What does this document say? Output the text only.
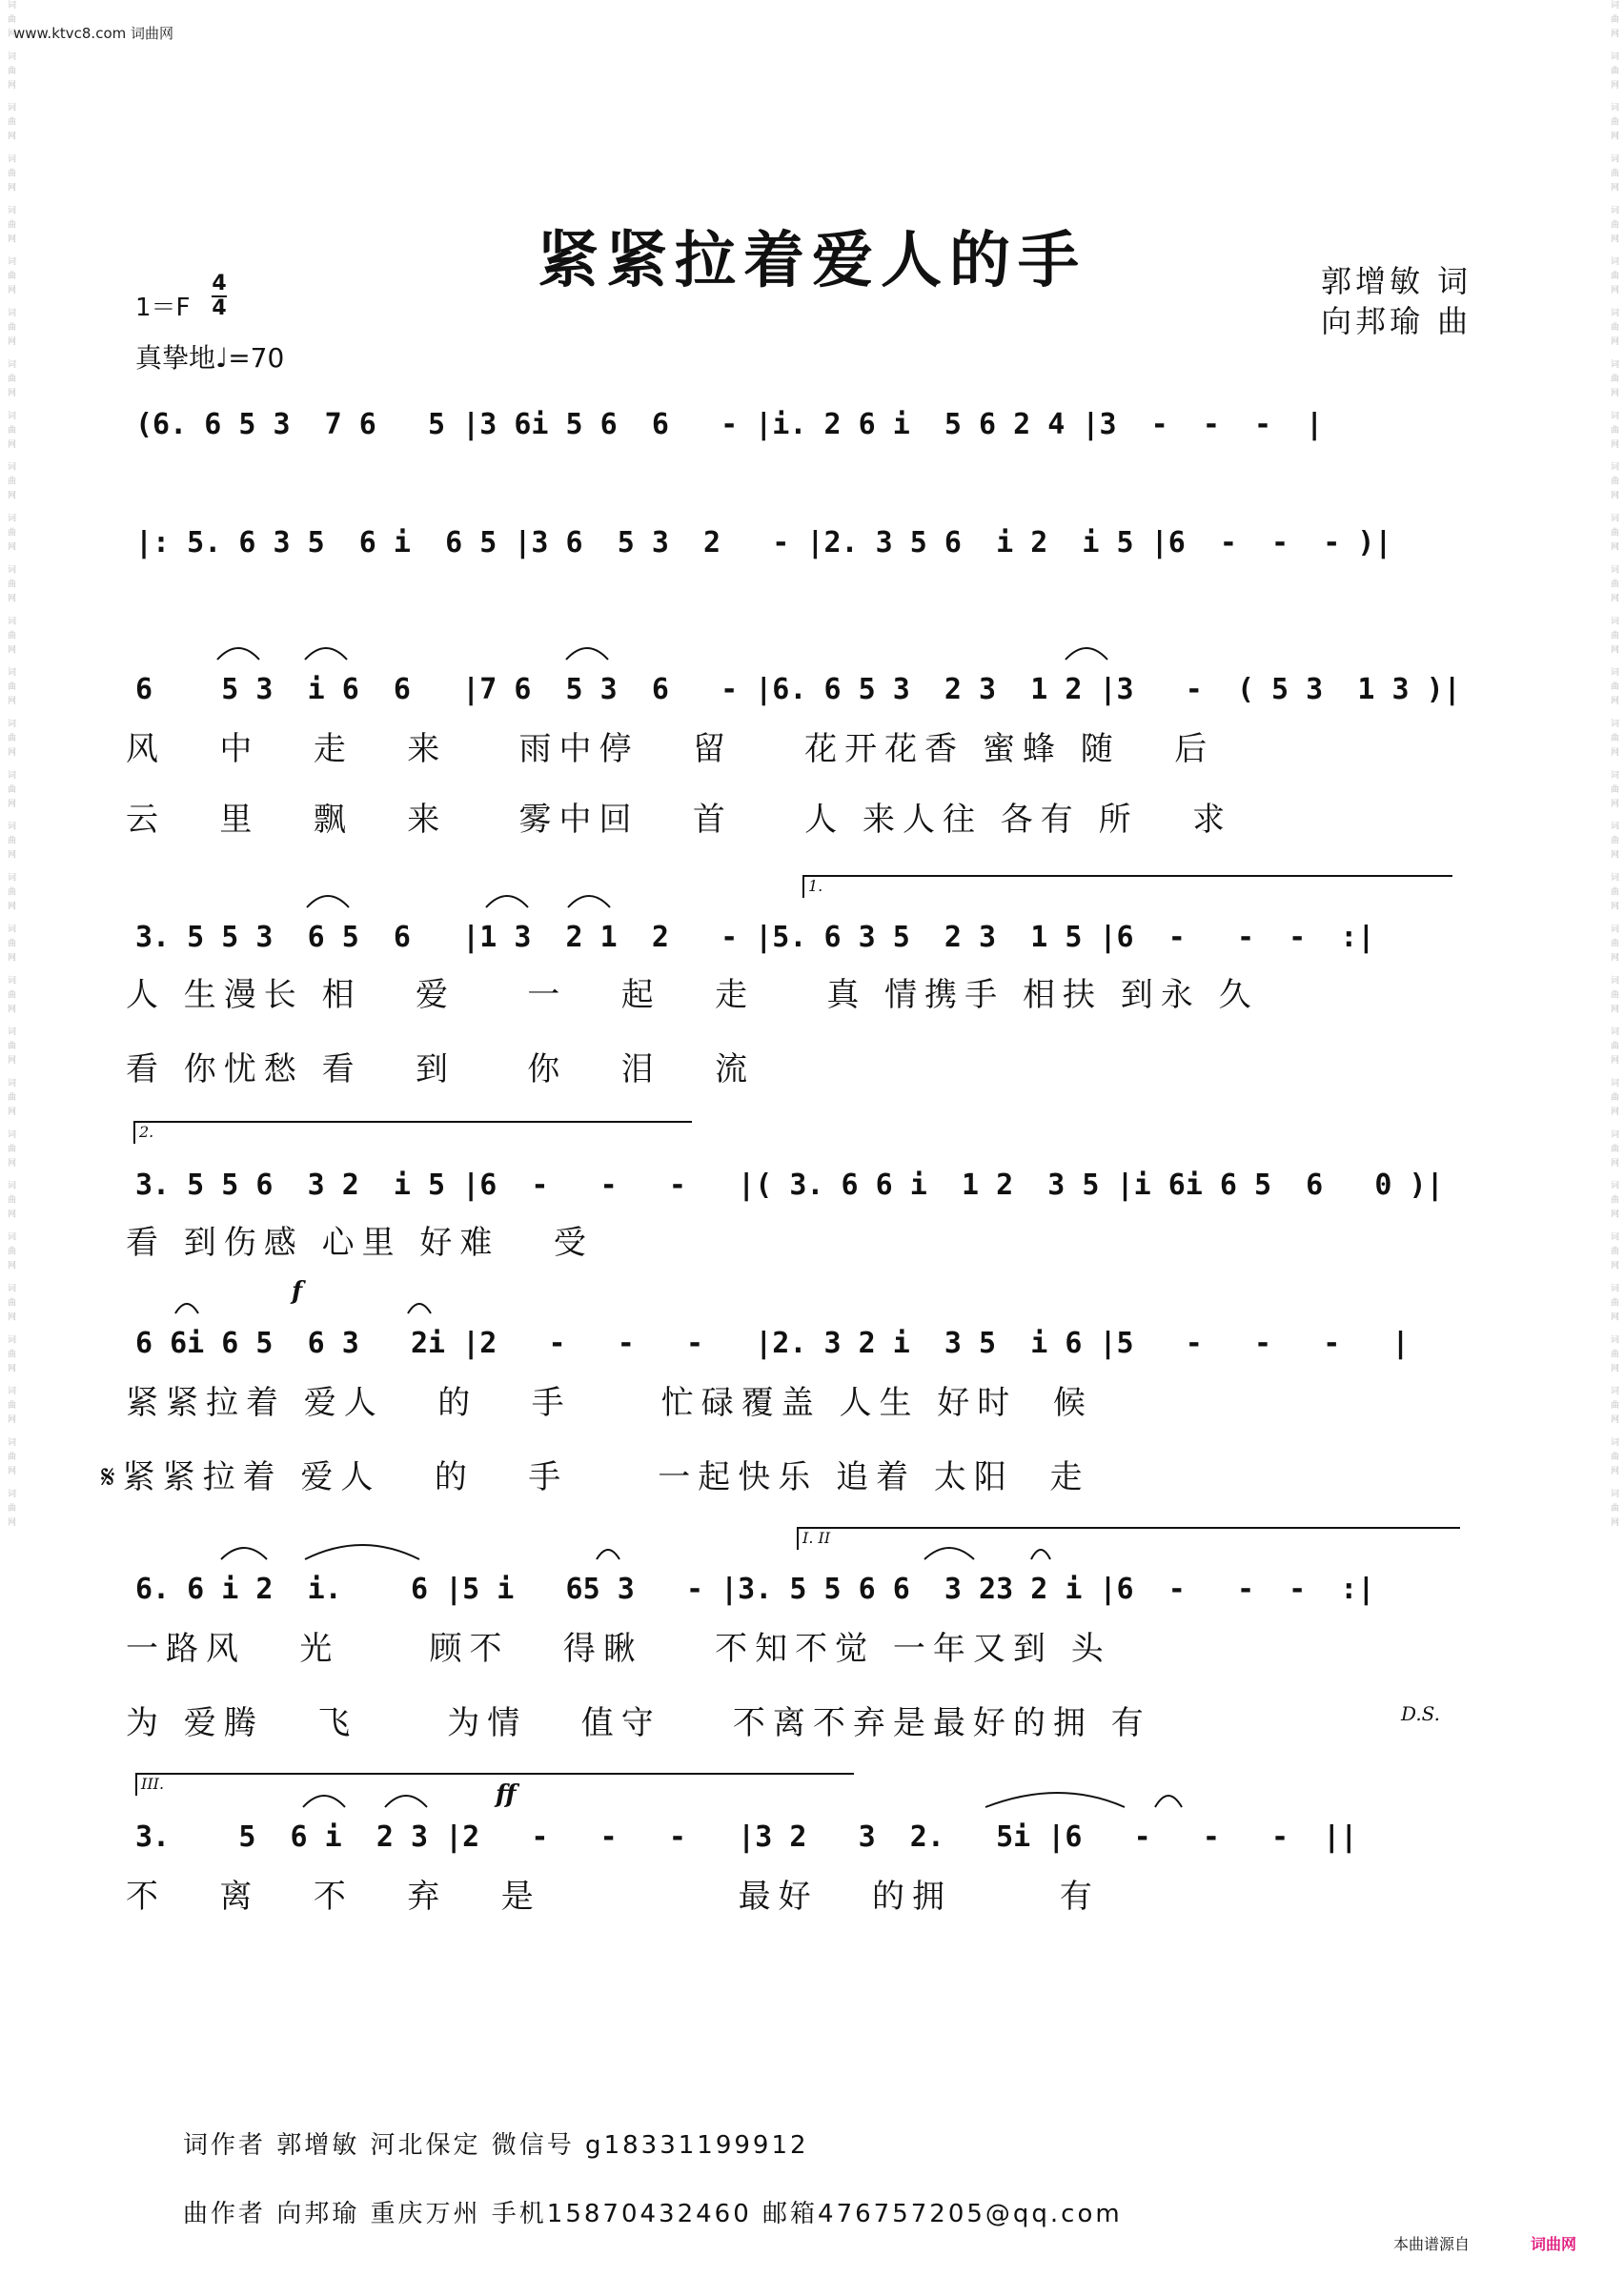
词曲网 词曲网 词曲网 词曲网 词曲网 词曲网 词曲网 词曲网 词曲网 词曲网 词曲网 词曲网 词曲网 词曲网 词曲网 词曲网 词曲网 词曲网 词曲网 词曲网 词曲网 词曲网 词曲网 词曲网 词曲网 词曲网 词曲网 词曲网 词曲网 词曲网	词曲网 词曲网 词曲网 词曲网 词曲网 词曲网 词曲网 词曲网 词曲网 词曲网 词曲网 词曲网 词曲网 词曲网 词曲网 词曲网 词曲网 词曲网 词曲网 词曲网 词曲网 词曲网 词曲网 词曲网 词曲网 词曲网 词曲网 词曲网 词曲网 词曲网
www.ktvc8.com 词曲网
紧紧拉着爱人的手	郭增敏 词
向邦瑜 曲
1＝F
4
4
真挚地♩=70
(6. 6 5 3  7 6   5 |3 6i 5 6  6   - |i. 2 6 i  5 6 2 4 |3  -  -  -  |
|: 5. 6 3 5  6 i  6 5 |3 6  5 3  2   - |2. 3 5 6  i 2  i 5 |6  -  -  - )|
6    5 3  i 6  6   |7 6  5 3  6   - |6. 6 5 3  2 3  1 2 |3   -  ( 5 3  1 3 )|
风   中   走   来    雨中停   留    花开花香 蜜蜂 随   后
云   里   飘   来    雾中回   首    人 来人往 各有 所   求
1.
3. 5 5 3  6 5  6   |1 3  2 1  2   - |5. 6 3 5  2 3  1 5 |6  -   -  -  :|
人 生漫长 相   爱    一   起   走    真 情携手 相扶 到永 久
看 你忧愁 看   到    你   泪   流
2.
3. 5 5 6  3 2  i 5 |6  -   -   -   |( 3. 6 6 i  1 2  3 5 |i 6i 6 5  6   0 )|
看 到伤感 心里 好难   受
f
6 6i 6 5  6 3   2i |2   -   -   -   |2. 3 2 i  3 5  i 6 |5   -   -   -   |
紧紧拉着 爱人   的   手     忙碌覆盖 人生 好时  候
𝄋紧紧拉着 爱人   的   手     一起快乐 追着 太阳  走
I. II
6. 6 i 2  i.    6 |5 i   65 3   - |3. 5 5 6 6  3 23 2 i |6  -   -  -  :|
一路风   光     顾不   得瞅    不知不觉 一年又到 头
为 爱腾   飞     为情   值守    不离不弃是最好的拥 有	D.S.
III.	ff
3.    5  6 i  2 3 |2   -   -   -   |3 2   3  2.   5i |6   -   -   -  ||
不   离   不   弃   是           最好   的拥      有
词作者 郭增敏 河北保定 微信号 g18331199912
曲作者 向邦瑜 重庆万州 手机15870432460 邮箱476757205@qq.com
本曲谱源自	词曲网
